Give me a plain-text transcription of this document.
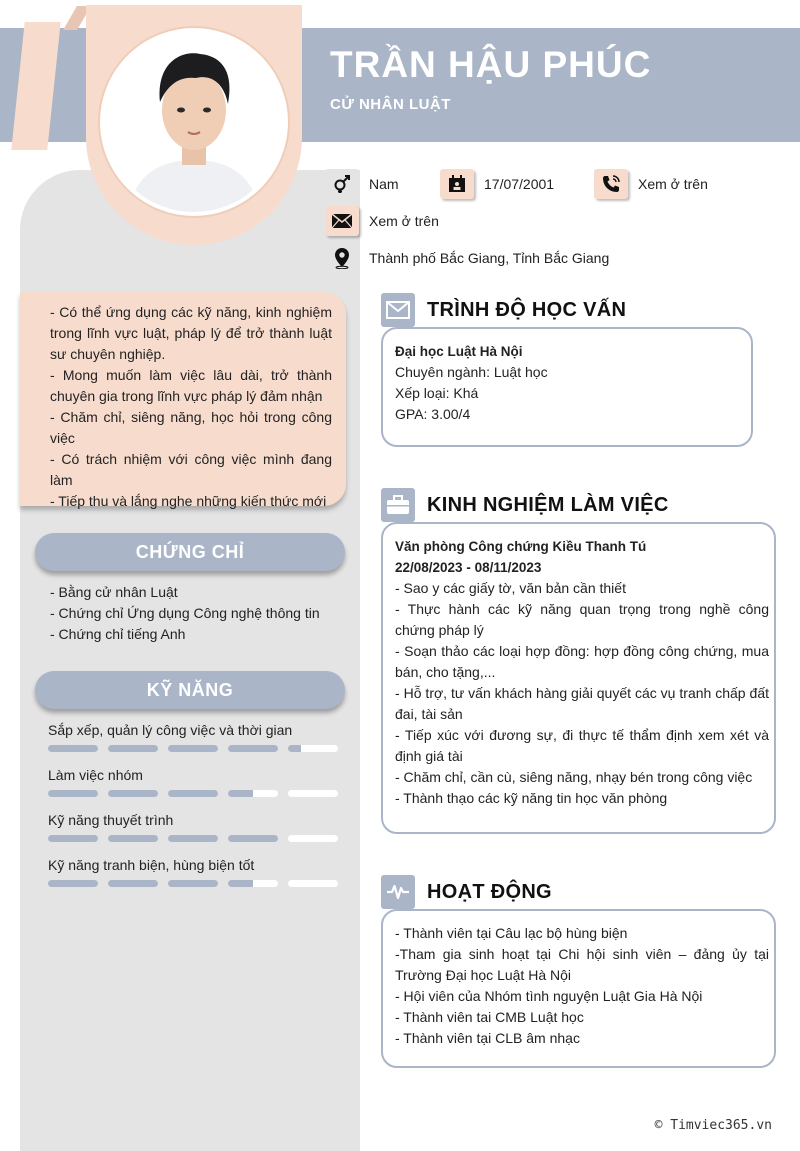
TRẦN HẬU PHÚC
CỬ NHÂN LUẬT
Nam	17/07/2001	Xem ở trên
Xem ở trên
Thành phố Bắc Giang, Tỉnh Bắc Giang
- Có thể ứng dụng các kỹ năng, kinh nghiệm trong lĩnh vực luật, pháp lý để trở thành luật sư chuyên nghiệp.
- Mong muốn làm việc lâu dài, trở thành chuyên gia trong lĩnh vực pháp lý đảm nhận
- Chăm chỉ, siêng năng, học hỏi trong công việc
- Có trách nhiệm với công việc mình đang làm
- Tiếp thu và lắng nghe những kiến thức mới
CHỨNG CHỈ
- Bằng cử nhân Luật
- Chứng chỉ Ứng dụng Công nghệ thông tin
- Chứng chỉ tiếng Anh
KỸ NĂNG
Sắp xếp, quản lý công việc và thời gian
Làm việc nhóm
Kỹ năng thuyết trình
Kỹ năng tranh biện, hùng biện tốt
TRÌNH ĐỘ HỌC VẤN
Đại học Luật Hà Nội
Chuyên ngành: Luật học
Xếp loại: Khá
GPA: 3.00/4
KINH NGHIỆM LÀM VIỆC
Văn phòng Công chứng Kiều Thanh Tú
22/08/2023 - 08/11/2023
- Sao y các giấy tờ, văn bản cần thiết
- Thực hành các kỹ năng quan trọng trong nghề công chứng pháp lý
- Soạn thảo các loại hợp đồng: hợp đồng công chứng, mua bán, cho tặng,...
- Hỗ trợ, tư vấn khách hàng giải quyết các vụ tranh chấp đất đai, tài sản
- Tiếp xúc với đương sự, đi thực tế thẩm định xem xét và định giá tài
- Chăm chỉ, cần cù, siêng năng, nhạy bén trong công việc
- Thành thạo các kỹ năng tin học văn phòng
HOẠT ĐỘNG
- Thành viên tại Câu lạc bộ hùng biện
-Tham gia sinh hoạt tại Chi hội sinh viên – đảng ủy tại Trường Đại học Luật Hà Nội
- Hội viên của Nhóm tình nguyện Luật Gia Hà Nội
- Thành viên tai CMB Luật học
- Thành viên tại CLB âm nhạc
© Timviec365.vn
